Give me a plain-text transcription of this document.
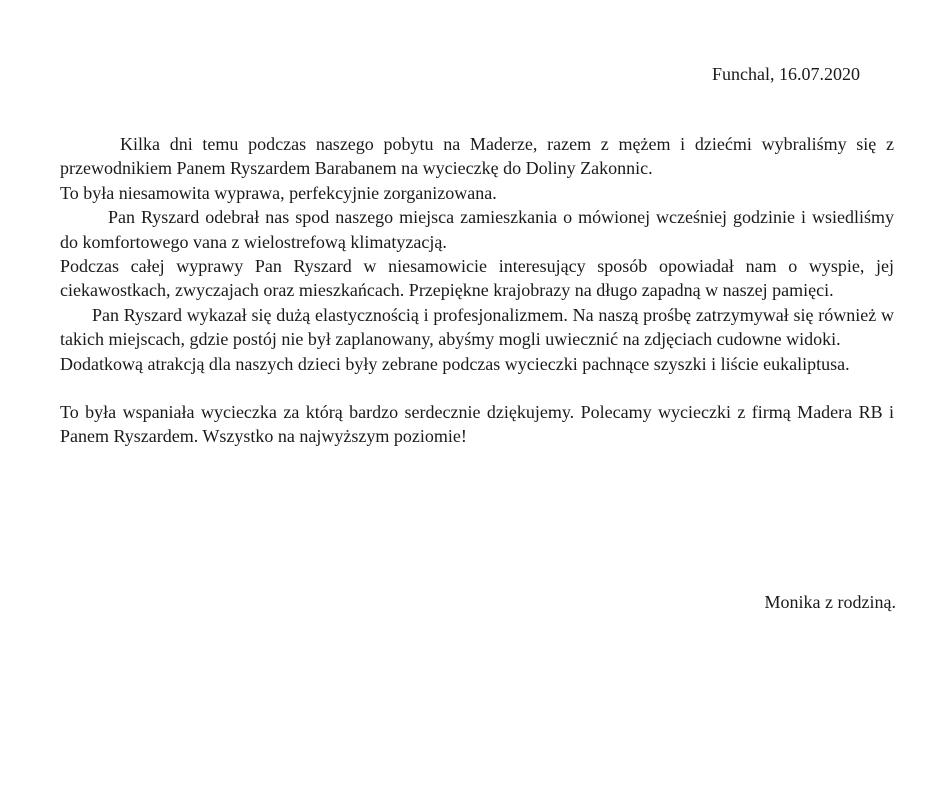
Funchal, 16.07.2020

Kilka dni temu podczas naszego pobytu na Maderze, razem z mężem i dziećmi wybraliśmy się z przewodnikiem Panem Ryszardem Barabanem na wycieczkę do Doliny Zakonnic.

To była niesamowita wyprawa, perfekcyjnie zorganizowana.

Pan Ryszard odebrał nas spod naszego miejsca zamieszkania o mówionej wcześniej godzinie i wsiedliśmy do komfortowego vana z wielostrefową klimatyzacją.

Podczas całej wyprawy Pan Ryszard w niesamowicie interesujący sposób opowiadał nam o wyspie, jej ciekawostkach, zwyczajach oraz mieszkańcach. Przepiękne krajobrazy na długo zapadną w naszej pamięci.

Pan Ryszard wykazał się dużą elastycznością i profesjonalizmem. Na naszą prośbę zatrzymywał się również w takich miejscach, gdzie postój nie był zaplanowany, abyśmy mogli uwiecznić na zdjęciach cudowne widoki.

Dodatkową atrakcją dla naszych dzieci były zebrane podczas wycieczki pachnące szyszki i liście eukaliptusa.

To była wspaniała wycieczka za którą bardzo serdecznie dziękujemy. Polecamy wycieczki z firmą Madera RB i Panem Ryszardem. Wszystko na najwyższym poziomie!

Monika z rodziną.
